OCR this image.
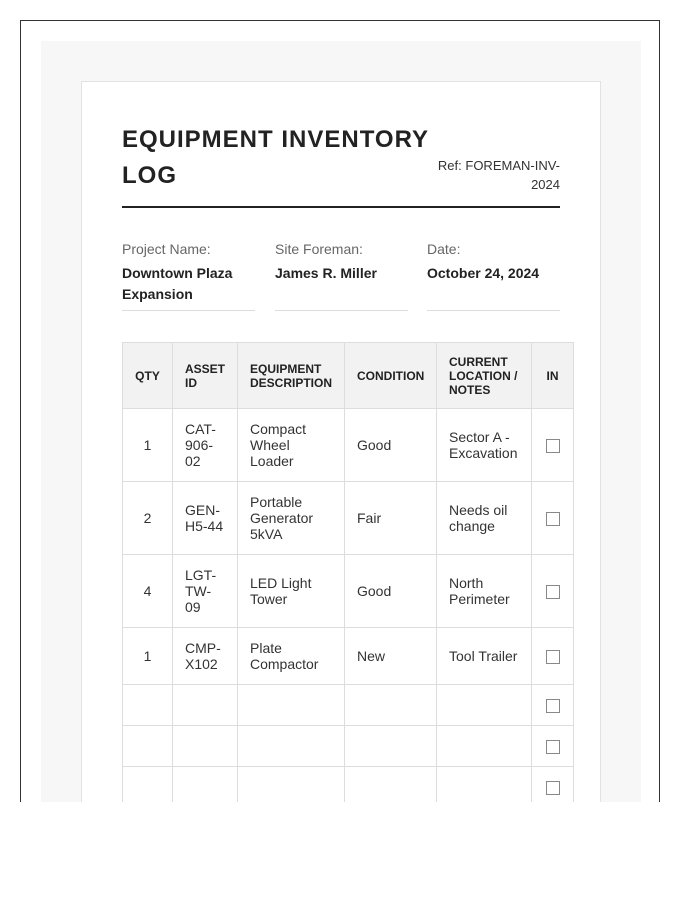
EQUIPMENT INVENTORY LOG	Ref: FOREMAN-INV-2024
Project Name:
Downtown Plaza Expansion
Site Foreman:
James R. Miller
Date:
October 24, 2024
QTY	ASSET ID	EQUIPMENT DESCRIPTION	CONDITION	CURRENT LOCATION / NOTES	IN
1	CAT-906-02	Compact Wheel Loader	Good	Sector A - Excavation	
2	GEN-H5-44	Portable Generator 5kVA	Fair	Needs oil change	
4	LGT-TW-09	LED Light Tower	Good	North Perimeter	
1	CMP-X102	Plate Compactor	New	Tool Trailer	
